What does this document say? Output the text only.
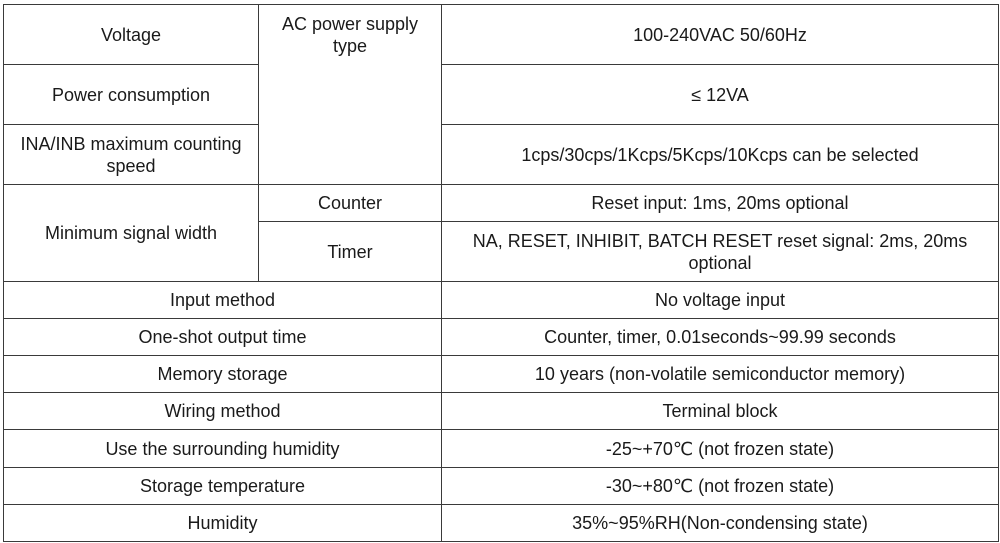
Voltage	AC power supply type	100-240VAC 50/60Hz
Power consumption		≤ 12VA
INA/INB maximum counting speed		1cps/30cps/1Kcps/5Kcps/10Kcps can be selected
Minimum signal width	Counter	Reset input: 1ms, 20ms optional
	Timer	NA, RESET, INHIBIT, BATCH RESET reset signal: 2ms, 20ms optional
Input method		No voltage input
One-shot output time		Counter, timer, 0.01seconds~99.99 seconds
Memory storage		10 years (non-volatile semiconductor memory)
Wiring method		Terminal block
Use the surrounding humidity		-25~+70℃ (not frozen state)
Storage temperature		-30~+80℃ (not frozen state)
Humidity		35%~95%RH(Non-condensing state)
